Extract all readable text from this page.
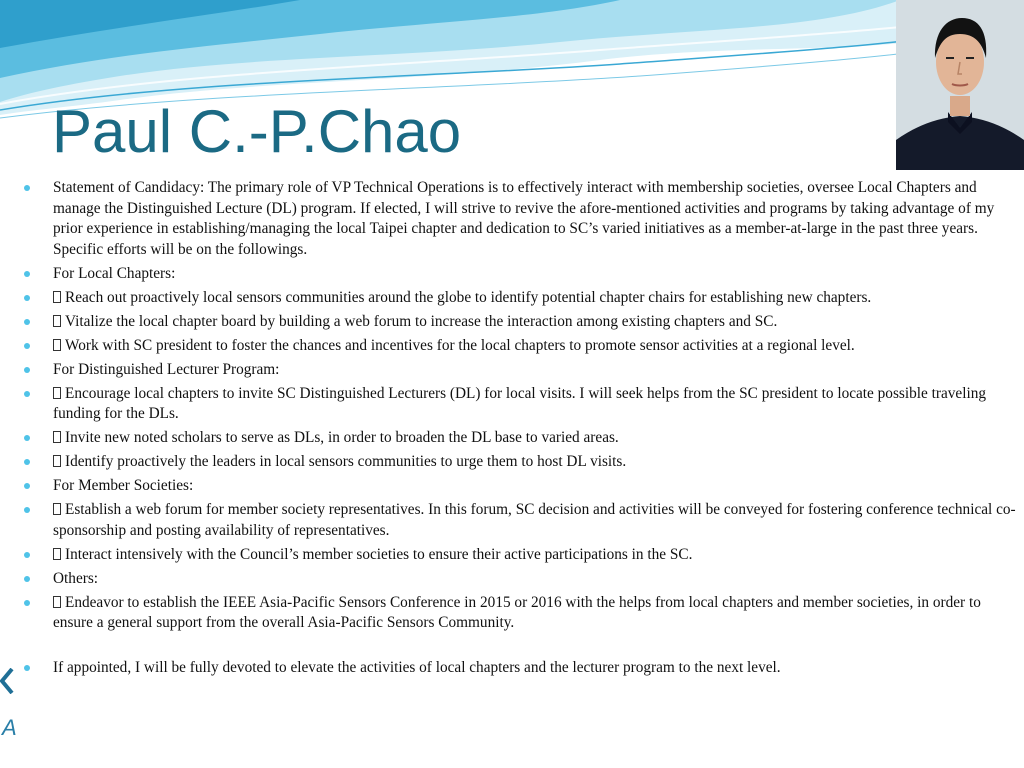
Paul C.-P.Chao
Statement of Candidacy: The primary role of VP Technical Operations is to effectively interact with membership societies, oversee Local Chapters and manage the Distinguished Lecture (DL) program. If elected, I will strive to revive the afore-mentioned activities and programs by taking advantage of my prior experience in establishing/managing the local Taipei chapter and dedication to SC’s varied initiatives as a member-at-large in the past three years. Specific efforts will be on the followings.
For Local Chapters:
Reach out proactively local sensors communities around the globe to identify potential chapter chairs for establishing new chapters.
Vitalize the local chapter board by building a web forum to increase the interaction among existing chapters and SC.
Work with SC president to foster the chances and incentives for the local chapters to promote sensor activities at a regional level.
For Distinguished Lecturer Program:
Encourage local chapters to invite SC Distinguished Lecturers (DL) for local visits. I will seek helps from the SC president to locate possible traveling funding for the DLs.
Invite new noted scholars to serve as DLs, in order to broaden the DL base to varied areas.
Identify proactively the leaders in local sensors communities to urge them to host DL visits.
For Member Societies:
Establish a web forum for member society representatives. In this forum, SC decision and activities will be conveyed for fostering conference technical co-sponsorship and posting availability of representatives.
Interact intensively with the Council’s member societies to ensure their active participations in the SC.
Others:
Endeavor to establish the IEEE Asia-Pacific Sensors Conference in 2015 or 2016 with the helps from local chapters and member societies, in order to ensure a general support from the overall Asia-Pacific Sensors Community.
If appointed, I will be fully devoted to elevate the activities of local chapters and the lecturer program to the next level.
A
